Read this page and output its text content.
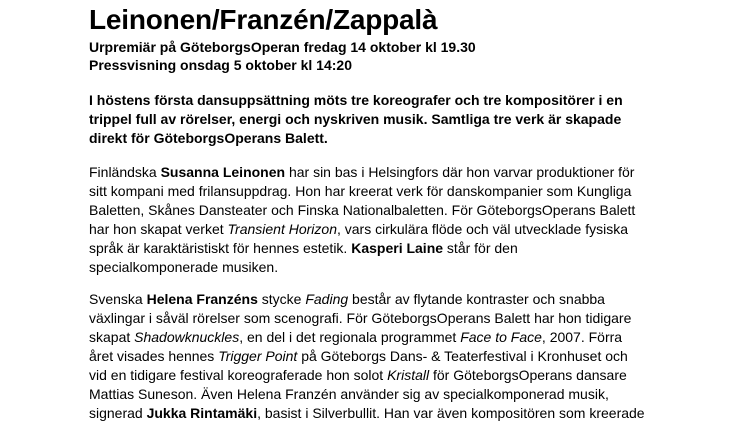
Leinonen/Franzén/Zappalà
Urpremiär på GöteborgsOperan fredag 14 oktober kl 19.30
Pressvisning onsdag 5 oktober kl 14:20
I höstens första dansuppsättning möts tre koreografer och tre kompositörer i en
trippel full av rörelser, energi och nyskriven musik. Samtliga tre verk är skapade
direkt för GöteborgsOperans Balett.
Finländska Susanna Leinonen har sin bas i Helsingfors där hon varvar produktioner för
sitt kompani med frilansuppdrag. Hon har kreerat verk för danskompanier som Kungliga
Baletten, Skånes Dansteater och Finska Nationalbaletten. För GöteborgsOperans Balett
har hon skapat verket Transient Horizon, vars cirkulära flöde och väl utvecklade fysiska
språk är karaktäristiskt för hennes estetik. Kasperi Laine står för den
specialkomponerade musiken.
Svenska Helena Franzéns stycke Fading består av flytande kontraster och snabba
växlingar i såväl rörelser som scenografi. För GöteborgsOperans Balett har hon tidigare
skapat Shadowknuckles, en del i det regionala programmet Face to Face, 2007. Förra
året visades hennes Trigger Point på Göteborgs Dans- & Teaterfestival i Kronhuset och
vid en tidigare festival koreograferade hon solot Kristall för GöteborgsOperans dansare
Mattias Suneson. Även Helena Franzén använder sig av specialkomponerad musik,
signerad Jukka Rintamäki, basist i Silverbullit. Han var även kompositören som kreerade
